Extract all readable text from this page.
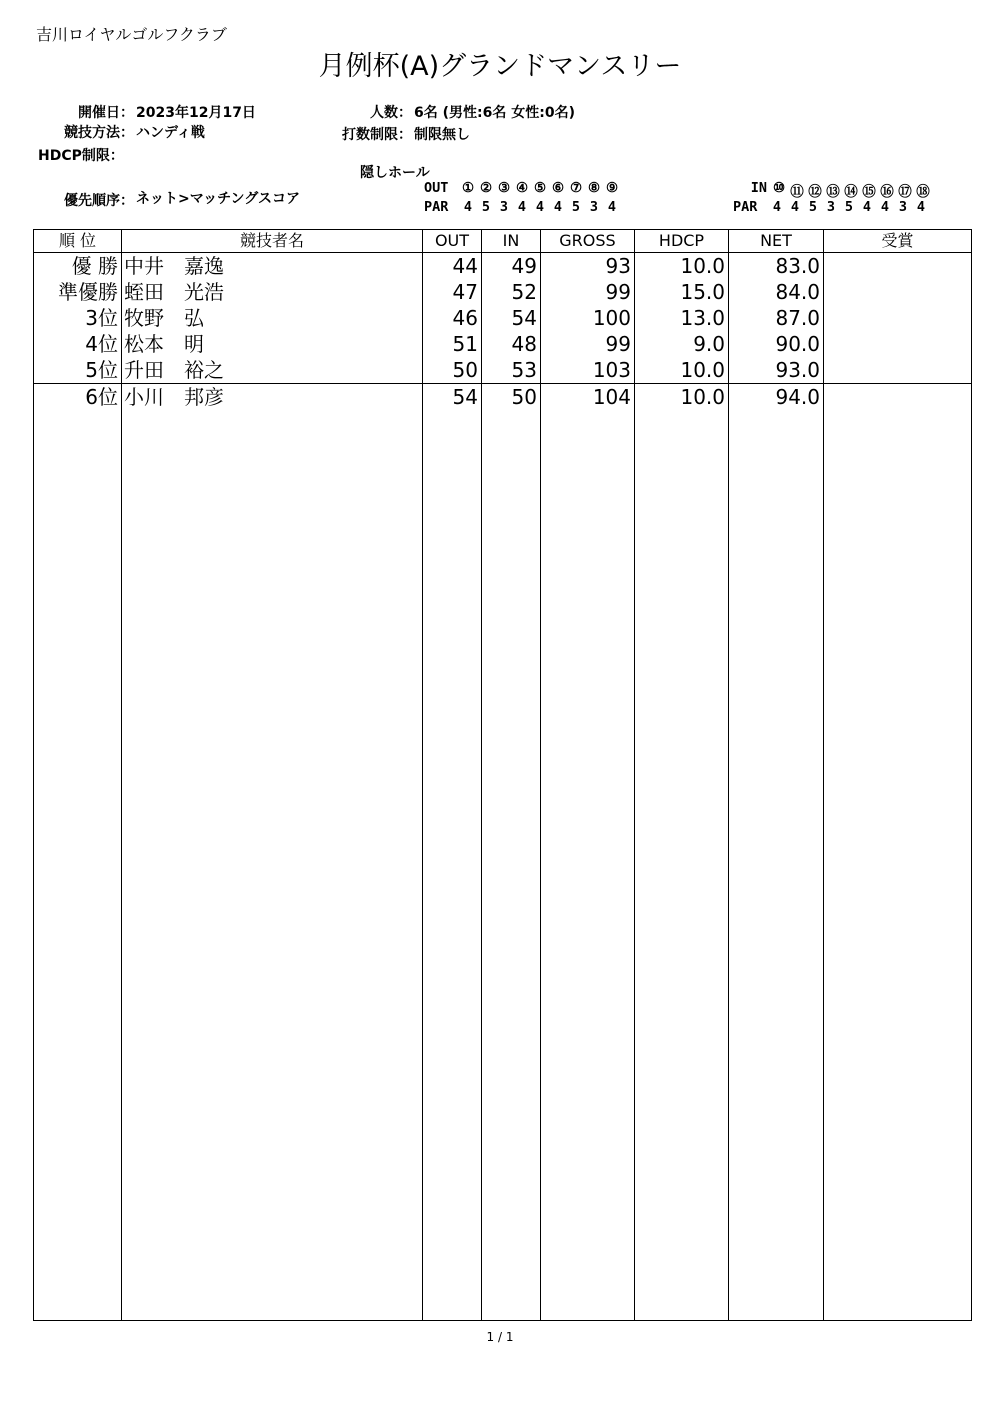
吉川ロイヤルゴルフクラブ
月例杯(A)グランドマンスリー
開催日： 2023年12月17日	人数： 6名 (男性:6名 女性:0名)
競技方法： ハンディ戦	打数制限： 制限無し
HDCP制限：
優先順序： ネット>マッチングスコア
隠しホール
OUT	① ② ③ ④ ⑤ ⑥ ⑦ ⑧ ⑨
PAR	4 5 3 4 4 4 5 3 4
IN ⑩ ⑪ ⑫ ⑬ ⑭ ⑮ ⑯ ⑰ ⑱
PAR	4 4 5 3 5 4 4 3 4
順 位	競技者名	OUT	IN	GROSS	HDCP	NET	受賞
優 勝	中井　嘉逸	44	49	93	10.0	83.0	
準優勝	蛭田　光浩	47	52	99	15.0	84.0	
3位	牧野　弘	46	54	100	13.0	87.0	
4位	松本　明	51	48	99	9.0	90.0	
5位	升田　裕之	50	53	103	10.0	93.0	
6位	小川　邦彦	54	50	104	10.0	94.0	

1 / 1
